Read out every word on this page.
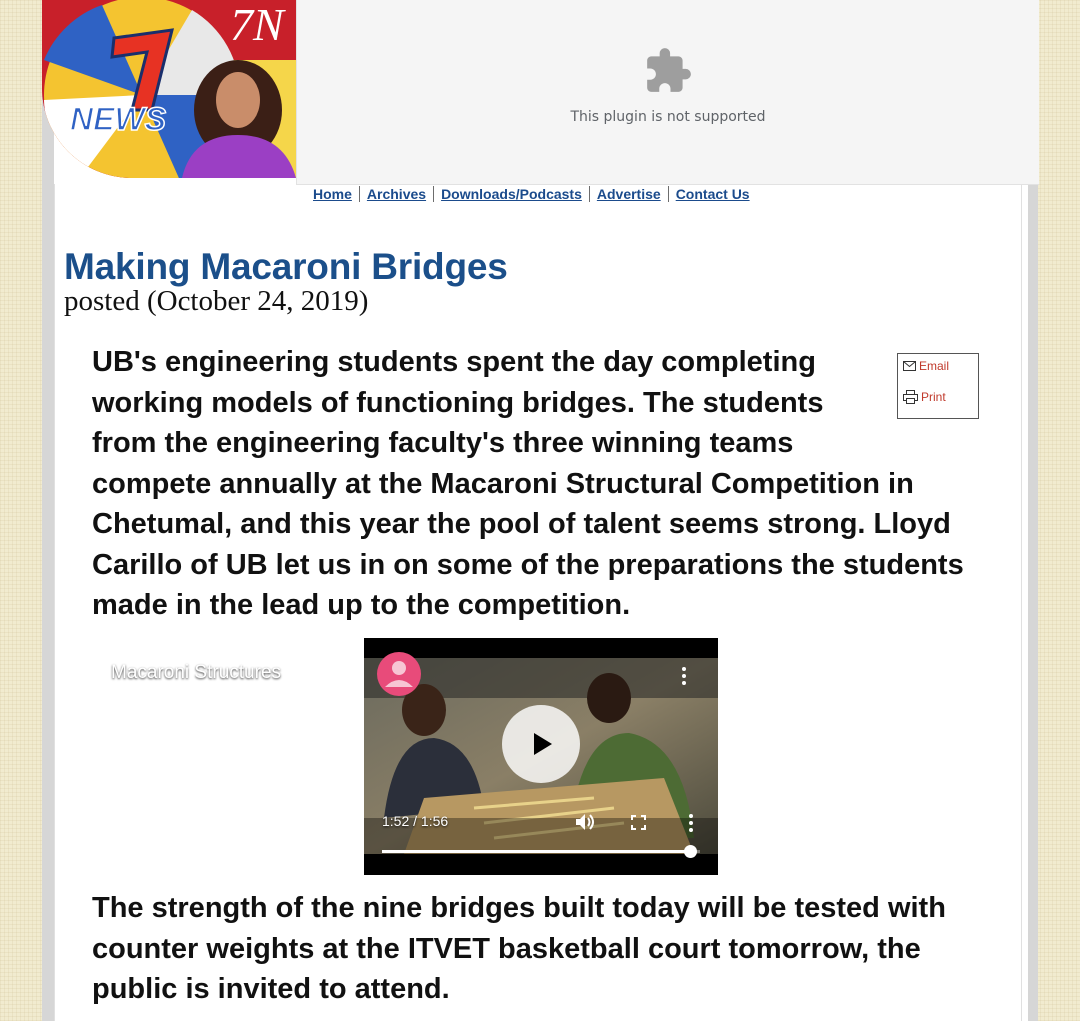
7N
NEWS	This plugin is not supported
Home	Archives	Downloads/Podcasts	Advertise	Contact Us
Making Macaroni Bridges
posted (October 24, 2019)

UB's engineering students spent the day completing working models of functioning bridges. The students from the engineering faculty's three winning teams compete annually at the Macaroni Structural Competition in Chetumal, and this year the pool of talent seems strong. Lloyd Carillo of UB let us in on some of the preparations the students made in the lead up to the competition.

Email
Print
Macaroni Structures
1:52 / 1:56

The strength of the nine bridges built today will be tested with counter weights at the ITVET basketball court tomorrow, the public is invited to attend.
